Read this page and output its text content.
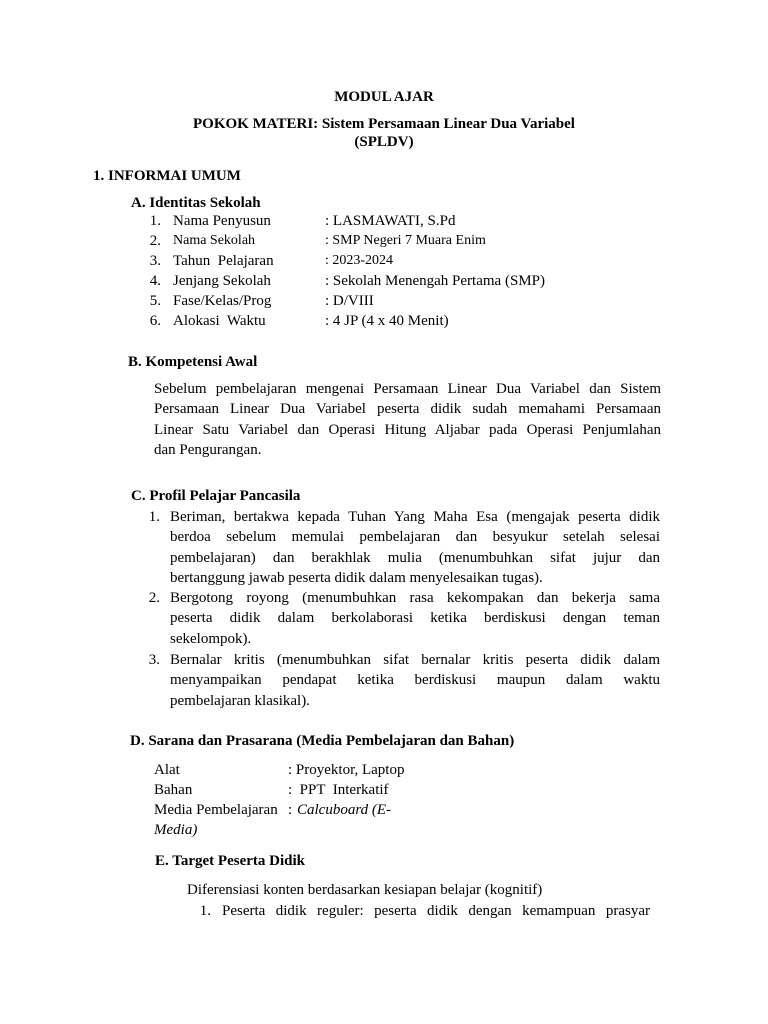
MODUL AJAR
POKOK MATERI: Sistem Persamaan Linear Dua Variabel
(SPLDV)
1. INFORMAI UMUM
A. Identitas Sekolah
1. Nama Penyusun	: LASMAWATI, S.Pd
2. Nama Sekolah	: SMP Negeri 7 Muara Enim
3. Tahun  Pelajaran	: 2023-2024
4. Jenjang Sekolah	: Sekolah Menengah Pertama (SMP)
5. Fase/Kelas/Prog	: D/VIII
6. Alokasi  Waktu	: 4 JP (4 x 40 Menit)
B. Kompetensi Awal
Sebelum pembelajaran mengenai Persamaan Linear Dua Variabel dan Sistem
Persamaan Linear Dua Variabel peserta didik sudah memahami Persamaan
Linear Satu Variabel dan Operasi Hitung Aljabar pada Operasi Penjumlahan
dan Pengurangan.
C. Profil Pelajar Pancasila
1. Beriman, bertakwa kepada Tuhan Yang Maha Esa (mengajak peserta didik
berdoa sebelum memulai pembelajaran dan besyukur setelah selesai
pembelajaran) dan berakhlak mulia (menumbuhkan sifat jujur dan
bertanggung jawab peserta didik dalam menyelesaikan tugas).
2. Bergotong royong (menumbuhkan rasa kekompakan dan bekerja sama
peserta didik dalam berkolaborasi ketika berdiskusi dengan teman
sekelompok).
3. Bernalar kritis (menumbuhkan sifat bernalar kritis peserta didik dalam
menyampaikan pendapat ketika berdiskusi maupun dalam waktu
pembelajaran klasikal).
D. Sarana dan Prasarana (Media Pembelajaran dan Bahan)
Alat	: Proyektor, Laptop
Bahan	:  PPT  Interkatif
Media Pembelajaran : Calcuboard (E-
Media)
E. Target Peserta Didik
Diferensiasi konten berdasarkan kesiapan belajar (kognitif)
1. Peserta didik reguler: peserta didik dengan kemampuan prasyar
